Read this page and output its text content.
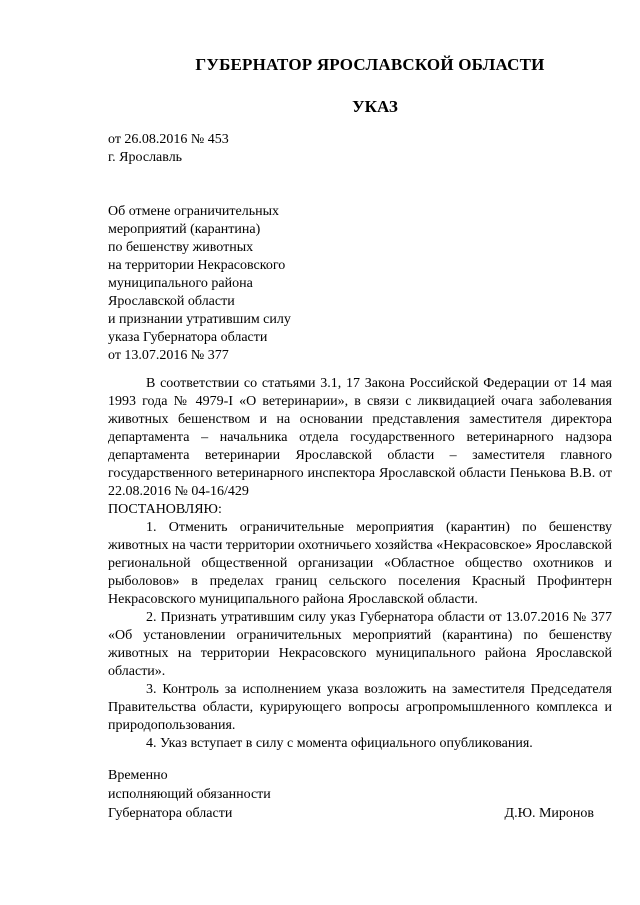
ГУБЕРНАТОР ЯРОСЛАВСКОЙ ОБЛАСТИ
УКАЗ
от 26.08.2016 № 453
г. Ярославль
Об отмене ограничительных
мероприятий (карантина)
по бешенству животных
на территории Некрасовского
муниципального района
Ярославской области
и признании утратившим силу
указа Губернатора области
от 13.07.2016 № 377

В соответствии со статьями 3.1, 17 Закона Российской Федерации от 14 мая 1993 года № 4979-I «О ветеринарии», в связи с ликвидацией очага заболевания животных бешенством и на основании представления заместителя директора департамента – начальника отдела государственного ветеринарного надзора департамента ветеринарии Ярославской области – заместителя главного государственного ветеринарного инспектора Ярославской области Пенькова В.В. от 22.08.2016 № 04-16/429

ПОСТАНОВЛЯЮ:

1. Отменить ограничительные мероприятия (карантин) по бешенству животных на части территории охотничьего хозяйства «Некрасовское» Ярославской региональной общественной организации «Областное общество охотников и рыболовов» в пределах границ сельского поселения Красный Профинтерн Некрасовского муниципального района Ярославской области.

2. Признать утратившим силу указ Губернатора области от 13.07.2016 № 377 «Об установлении ограничительных мероприятий (карантина) по бешенству животных на территории Некрасовского муниципального района Ярославской области».

3. Контроль за исполнением указа возложить на заместителя Председателя Правительства области, курирующего вопросы агропромышленного комплекса и природопользования.

4. Указ вступает в силу с момента официального опубликования.

Временно
исполняющий обязанности
Губернатора области	Д.Ю. Миронов
